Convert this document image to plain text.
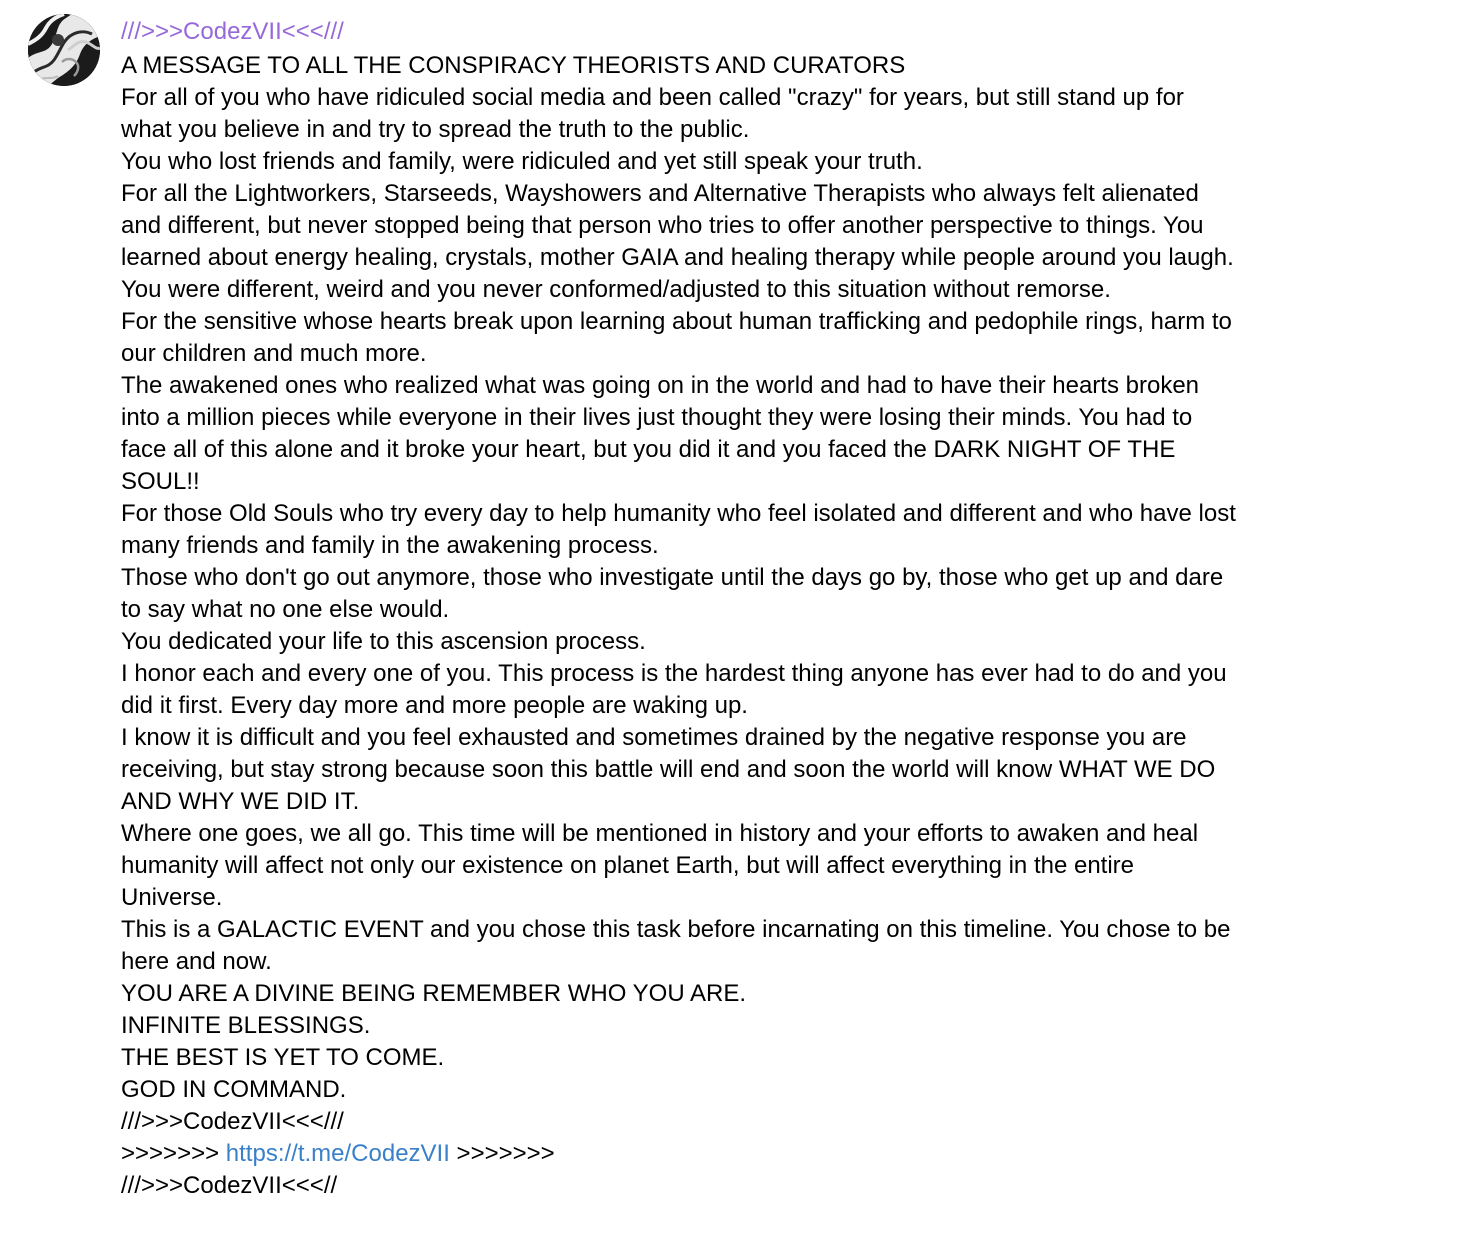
///>>>CodezVII<<<///
A MESSAGE TO ALL THE CONSPIRACY THEORISTS AND CURATORS
For all of you who have ridiculed social media and been called "crazy" for years, but still stand up for
what you believe in and try to spread the truth to the public.
You who lost friends and family, were ridiculed and yet still speak your truth.
For all the Lightworkers, Starseeds, Wayshowers and Alternative Therapists who always felt alienated
and different, but never stopped being that person who tries to offer another perspective to things. You
learned about energy healing, crystals, mother GAIA and healing therapy while people around you laugh.
You were different, weird and you never conformed/adjusted to this situation without remorse.
For the sensitive whose hearts break upon learning about human trafficking and pedophile rings, harm to
our children and much more.
The awakened ones who realized what was going on in the world and had to have their hearts broken
into a million pieces while everyone in their lives just thought they were losing their minds. You had to
face all of this alone and it broke your heart, but you did it and you faced the DARK NIGHT OF THE
SOUL!!
For those Old Souls who try every day to help humanity who feel isolated and different and who have lost
many friends and family in the awakening process.
Those who don't go out anymore, those who investigate until the days go by, those who get up and dare
to say what no one else would.
You dedicated your life to this ascension process.
I honor each and every one of you. This process is the hardest thing anyone has ever had to do and you
did it first. Every day more and more people are waking up.
I know it is difficult and you feel exhausted and sometimes drained by the negative response you are
receiving, but stay strong because soon this battle will end and soon the world will know WHAT WE DO
AND WHY WE DID IT.
Where one goes, we all go. This time will be mentioned in history and your efforts to awaken and heal
humanity will affect not only our existence on planet Earth, but will affect everything in the entire
Universe.
This is a GALACTIC EVENT and you chose this task before incarnating on this timeline. You chose to be
here and now.
YOU ARE A DIVINE BEING REMEMBER WHO YOU ARE.
INFINITE BLESSINGS.
THE BEST IS YET TO COME.
GOD IN COMMAND.
///>>>CodezVII<<<///
>>>>>>> https://t.me/CodezVII >>>>>>>
///>>>CodezVII<<<//
